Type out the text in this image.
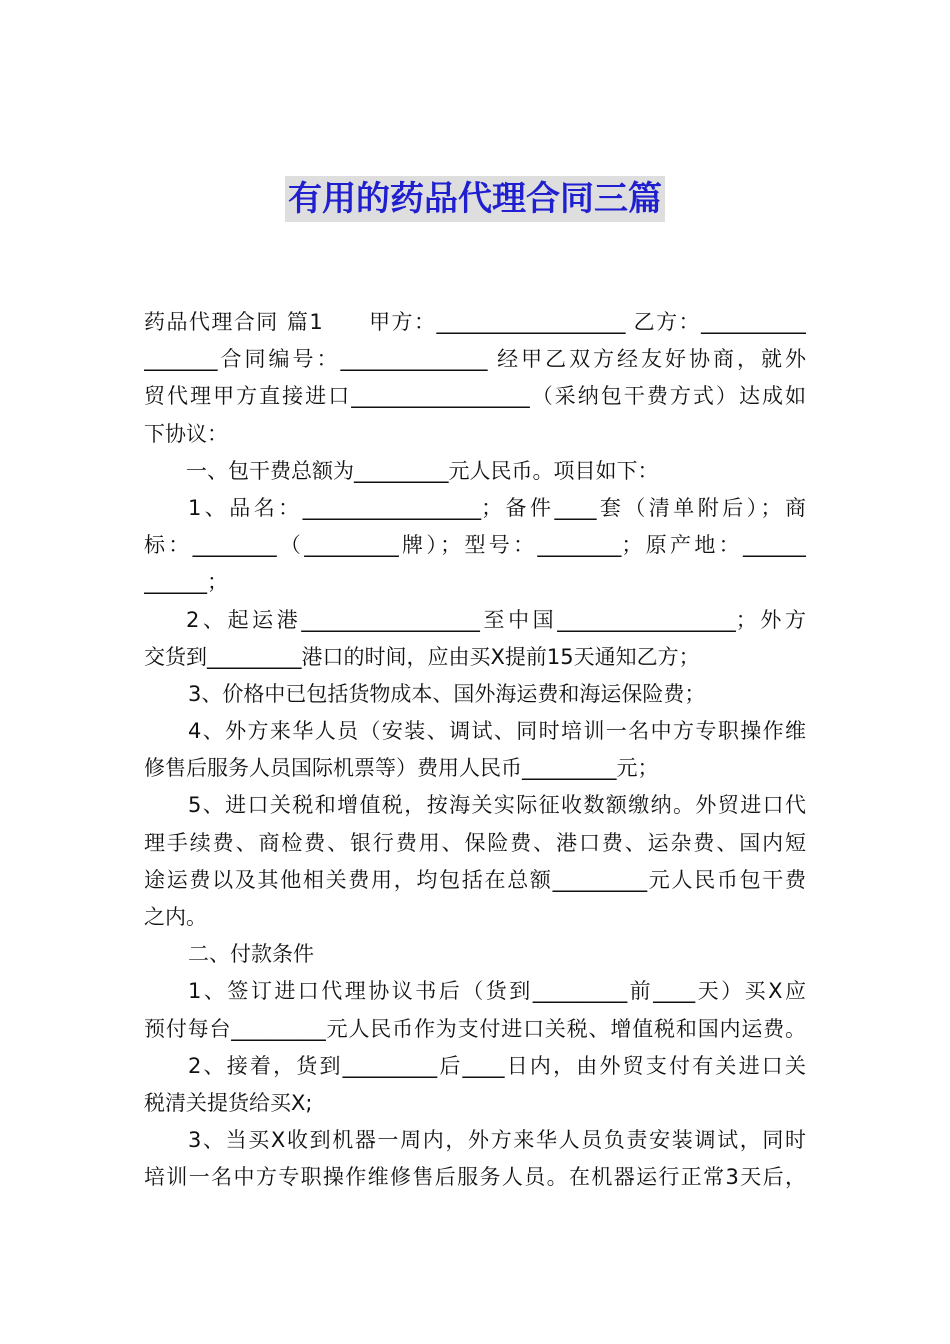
有用的药品代理合同三篇
药品代理合同 篇1　　甲方：__________________ 乙方：__________
_______合同编号：______________ 经甲乙双方经友好协商，就外
贸代理甲方直接进口_________________（采纳包干费方式）达成如
下协议：
一、包干费总额为_________元人民币。项目如下：
1、品名：_________________；备件____套（清单附后）；商
标：________（_________牌）；型号：________；原产地：______
______；
2、起运港_________________至中国_________________；外方
交货到_________港口的时间，应由买X提前15天通知乙方；
3、价格中已包括货物成本、国外海运费和海运保险费；
4、外方来华人员（安装、调试、同时培训一名中方专职操作维
修售后服务人员国际机票等）费用人民币_________元；
5、进口关税和增值税，按海关实际征收数额缴纳。外贸进口代
理手续费、商检费、银行费用、保险费、港口费、运杂费、国内短
途运费以及其他相关费用，均包括在总额_________元人民币包干费
之内。
二、付款条件
1、签订进口代理协议书后（货到_________前____天）买X应
预付每台_________元人民币作为支付进口关税、增值税和国内运费。
2、接着，货到_________后____日内，由外贸支付有关进口关
税清关提货给买X;
3、当买X收到机器一周内，外方来华人员负责安装调试，同时
培训一名中方专职操作维修售后服务人员。在机器运行正常3天后，
